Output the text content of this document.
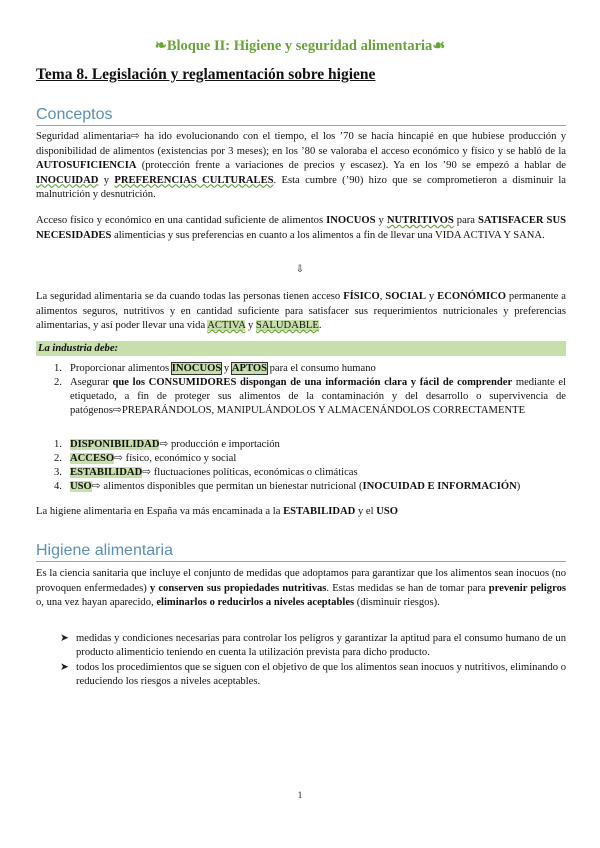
❧Bloque II: Higiene y seguridad alimentaria☙
Tema 8. Legislación y reglamentación sobre higiene
Conceptos

Seguridad alimentaria⇨ ha ido evolucionando con el tiempo, el los ’70 se hacía hincapié en que hubiese producción y disponibilidad de alimentos (existencias por 3 meses); en los ’80 se valoraba el acceso económico y físico y se habló de la AUTOSUFICIENCIA (protección frente a variaciones de precios y escasez). Ya en los ’90 se empezó a hablar de INOCUIDAD y PREFERENCIAS CULTURALES. Esta cumbre (’90) hizo que se comprometieron a disminuir la malnutrición y desnutrición.

Acceso físico y económico en una cantidad suficiente de alimentos INOCUOS y NUTRITIVOS para SATISFACER SUS NECESIDADES alimenticias y sus preferencias en cuanto a los alimentos a fin de llevar una VIDA ACTIVA Y SANA.

⇩

La seguridad alimentaria se da cuando todas las personas tienen acceso FÍSICO, SOCIAL y ECONÓMICO permanente a alimentos seguros, nutritivos y en cantidad suficiente para satisfacer sus requerimientos nutricionales y preferencias alimentarias, y así poder llevar una vida ACTIVA y SALUDABLE.

La industria debe:
1. Proporcionar alimentos INOCUOS y APTOS para el consumo humano
2. Asegurar que los CONSUMIDORES dispongan de una información clara y fácil de comprender mediante el etiquetado, a fin de proteger sus alimentos de la contaminación y del desarrollo o supervivencia de patógenos⇨PREPARÁNDOLOS, MANIPULÁNDOLOS Y ALMACENÁNDOLOS CORRECTAMENTE
1. DISPONIBILIDAD⇨ producción e importación
2. ACCESO⇨ físico, económico y social
3. ESTABILIDAD⇨ fluctuaciones políticas, económicas o climáticas
4. USO⇨ alimentos disponibles que permitan un bienestar nutricional (INOCUIDAD E INFORMACIÓN)

La higiene alimentaria en España va más encaminada a la ESTABILIDAD y el USO

Higiene alimentaria

Es la ciencia sanitaria que incluye el conjunto de medidas que adoptamos para garantizar que los alimentos sean inocuos (no provoquen enfermedades) y conserven sus propiedades nutritivas. Estas medidas se han de tomar para prevenir peligros o, una vez hayan aparecido, eliminarlos o reducirlos a niveles aceptables (disminuir riesgos).

➤ medidas y condiciones necesarias para controlar los peligros y garantizar la aptitud para el consumo humano de un producto alimenticio teniendo en cuenta la utilización prevista para dicho producto.
➤ todos los procedimientos que se siguen con el objetivo de que los alimentos sean inocuos y nutritivos, eliminando o reduciendo los riesgos a niveles aceptables.
1
